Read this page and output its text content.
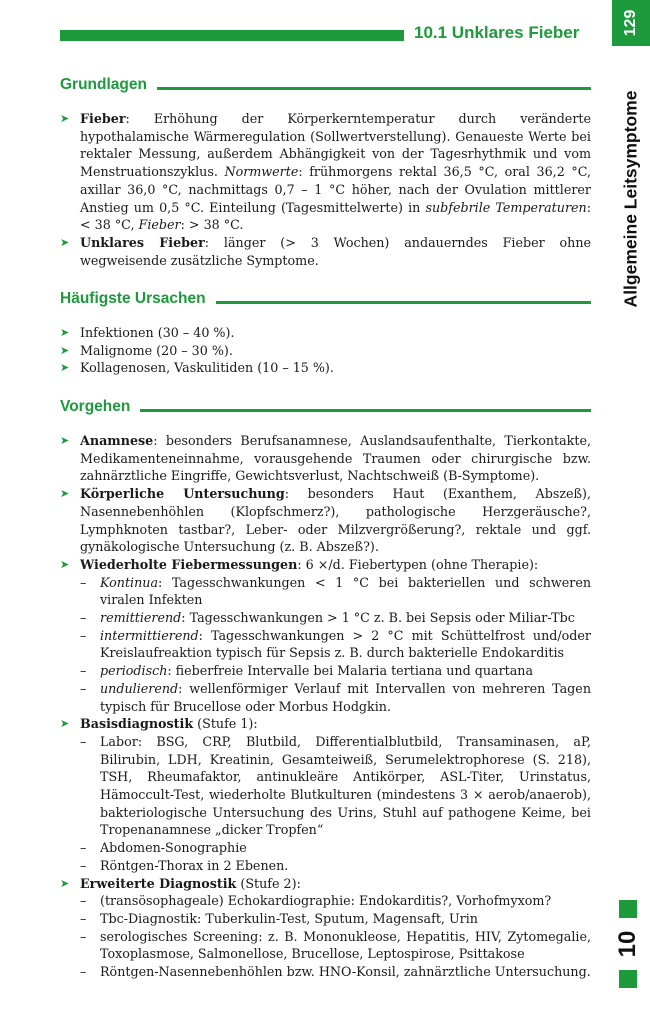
10.1 Unklares Fieber	129
Allgemeine Leitsymptome
10
Grundlagen
➤ Fieber: Erhöhung der Körperkerntemperatur durch veränderte hypothalamische Wärmeregulation (Sollwertverstellung). Genaueste Werte bei rektaler Messung, außerdem Abhängigkeit von der Tagesrhythmik und vom Menstruationszyklus. Normwerte: frühmorgens rektal 36,5 °C, oral 36,2 °C, axillar 36,0 °C, nachmittags 0,7 – 1 °C höher, nach der Ovulation mittlerer Anstieg um 0,5 °C. Einteilung (Tagesmittelwerte) in subfebrile Temperaturen: < 38 °C, Fieber: > 38 °C.
➤ Unklares Fieber: länger (> 3 Wochen) andauerndes Fieber ohne wegweisende zusätzliche Symptome.
Häufigste Ursachen
➤ Infektionen (30 – 40 %).
➤ Malignome (20 – 30 %).
➤ Kollagenosen, Vaskulitiden (10 – 15 %).
Vorgehen
➤ Anamnese: besonders Berufsanamnese, Auslandsaufenthalte, Tierkontakte, Medikamenteneinnahme, vorausgehende Traumen oder chirurgische bzw. zahnärztliche Eingriffe, Gewichtsverlust, Nachtschweiß (B-Symptome).
➤ Körperliche Untersuchung: besonders Haut (Exanthem, Abszeß), Nasennebenhöhlen (Klopfschmerz?), pathologische Herzgeräusche?, Lymphknoten tastbar?, Leber- oder Milzvergrößerung?, rektale und ggf. gynäkologische Untersuchung (z. B. Abszeß?).
➤ Wiederholte Fiebermessungen: 6 ×/d. Fiebertypen (ohne Therapie):
– Kontinua: Tagesschwankungen < 1 °C bei bakteriellen und schweren viralen Infekten
– remittierend: Tagesschwankungen > 1 °C z. B. bei Sepsis oder Miliar-Tbc
– intermittierend: Tagesschwankungen > 2 °C mit Schüttelfrost und/oder Kreislaufreaktion typisch für Sepsis z. B. durch bakterielle Endokarditis
– periodisch: fieberfreie Intervalle bei Malaria tertiana und quartana
– undulierend: wellenförmiger Verlauf mit Intervallen von mehreren Tagen typisch für Brucellose oder Morbus Hodgkin.
➤ Basisdiagnostik (Stufe 1):
– Labor: BSG, CRP, Blutbild, Differentialblutbild, Transaminasen, aP, Bilirubin, LDH, Kreatinin, Gesamteiweiß, Serumelektrophorese (S. 218), TSH, Rheumafaktor, antinukleäre Antikörper, ASL-Titer, Urinstatus, Hämoccult-Test, wiederholte Blutkulturen (mindestens 3 × aerob/anaerob), bakteriologische Untersuchung des Urins, Stuhl auf pathogene Keime, bei Tropenanamnese „dicker Tropfen“
– Abdomen-Sonographie
– Röntgen-Thorax in 2 Ebenen.
➤ Erweiterte Diagnostik (Stufe 2):
– (transösophageale) Echokardiographie: Endokarditis?, Vorhofmyxom?
– Tbc-Diagnostik: Tuberkulin-Test, Sputum, Magensaft, Urin
– serologisches Screening: z. B. Mononukleose, Hepatitis, HIV, Zytomegalie, Toxoplasmose, Salmonellose, Brucellose, Leptospirose, Psittakose
– Röntgen-Nasennebenhöhlen bzw. HNO-Konsil, zahnärztliche Untersuchung.
